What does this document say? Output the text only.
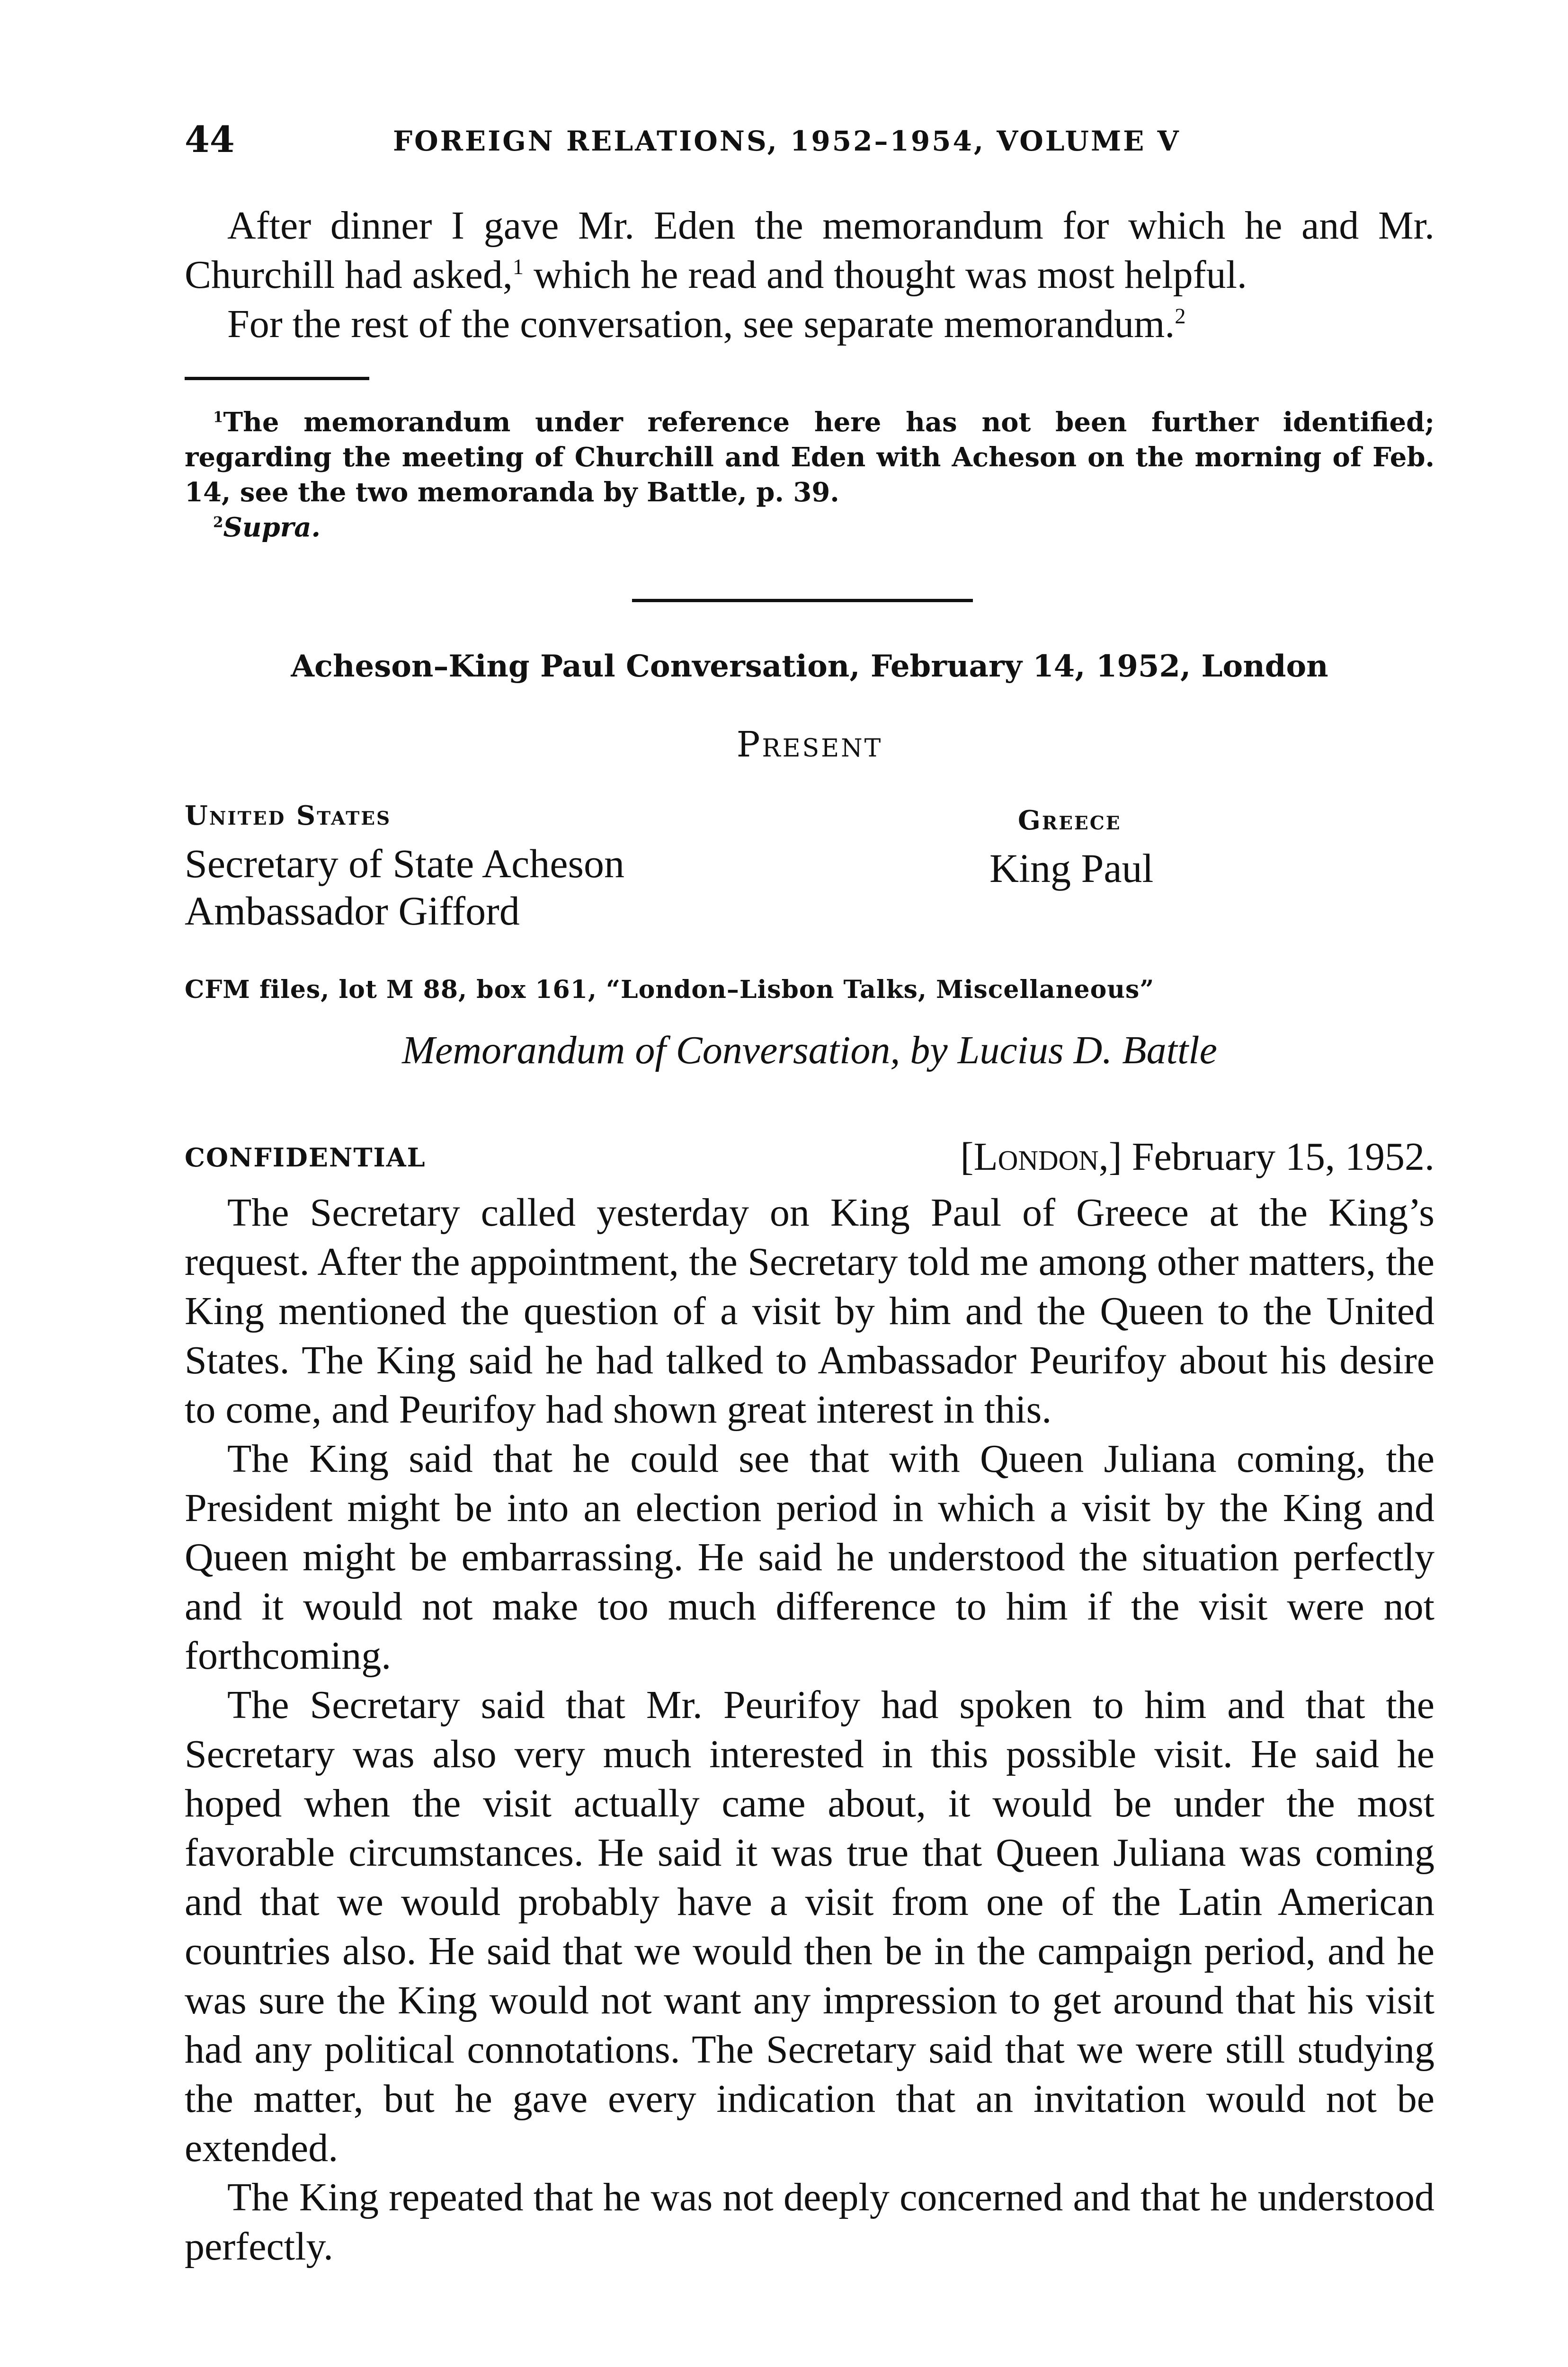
44	FOREIGN RELATIONS, 1952–1954, VOLUME V

After dinner I gave Mr. Eden the memorandum for which he and Mr. Churchill had asked,$^1$ which he read and thought was most helpful.

For the rest of the conversation, see separate memorandum.$^2$

$^1$The memorandum under reference here has not been further identified; regarding the meeting of Churchill and Eden with Acheson on the morning of Feb. 14, see the two memoranda by Battle, p. 39.

$^2$Supra.

Acheson–King Paul Conversation, February 14, 1952, London
Present

United States

Secretary of State Acheson

Ambassador Gifford

Greece

King Paul

CFM files, lot M 88, box 161, “London–Lisbon Talks, Miscellaneous”
Memorandum of Conversation, by Lucius D. Battle
CONFIDENTIAL	[London,] February 15, 1952.

The Secretary called yesterday on King Paul of Greece at the King’s request. After the appointment, the Secretary told me among other matters, the King mentioned the question of a visit by him and the Queen to the United States. The King said he had talked to Ambassador Peurifoy about his desire to come, and Peurifoy had shown great interest in this.

The King said that he could see that with Queen Juliana coming, the President might be into an election period in which a visit by the King and Queen might be embarrassing. He said he understood the situation perfectly and it would not make too much difference to him if the visit were not forthcoming.

The Secretary said that Mr. Peurifoy had spoken to him and that the Secretary was also very much interested in this possible visit. He said he hoped when the visit actually came about, it would be under the most favorable circumstances. He said it was true that Queen Juliana was coming and that we would probably have a visit from one of the Latin American countries also. He said that we would then be in the campaign period, and he was sure the King would not want any impression to get around that his visit had any political connotations. The Secretary said that we were still studying the matter, but he gave every indication that an invitation would not be extended.

The King repeated that he was not deeply concerned and that he understood perfectly.
